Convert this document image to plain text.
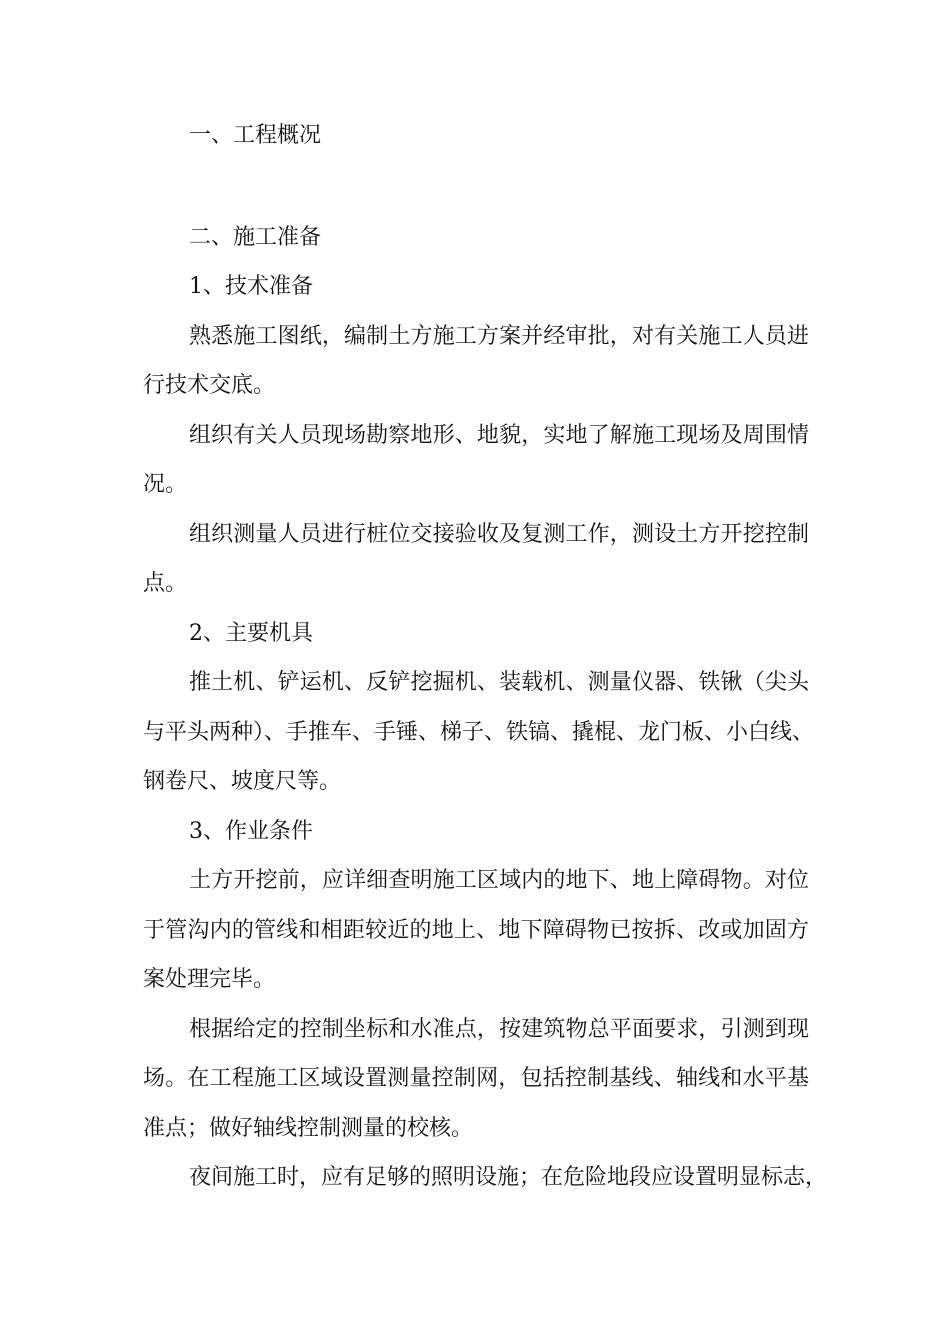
一、工程概况
二、施工准备
1、技术准备
熟悉施工图纸，编制土方施工方案并经审批，对有关施工人员进
行技术交底。
组织有关人员现场勘察地形、地貌，实地了解施工现场及周围情
况。
组织测量人员进行桩位交接验收及复测工作，测设土方开挖控制
点。
2、主要机具
推土机、铲运机、反铲挖掘机、装载机、测量仪器、铁锹（尖头
与平头两种）、手推车、手锤、梯子、铁镐、撬棍、龙门板、小白线、
钢卷尺、坡度尺等。
3、作业条件
土方开挖前，应详细查明施工区域内的地下、地上障碍物。对位
于管沟内的管线和相距较近的地上、地下障碍物已按拆、改或加固方
案处理完毕。
根据给定的控制坐标和水准点，按建筑物总平面要求，引测到现
场。在工程施工区域设置测量控制网，包括控制基线、轴线和水平基
准点；做好轴线控制测量的校核。
夜间施工时，应有足够的照明设施；在危险地段应设置明显标志，
